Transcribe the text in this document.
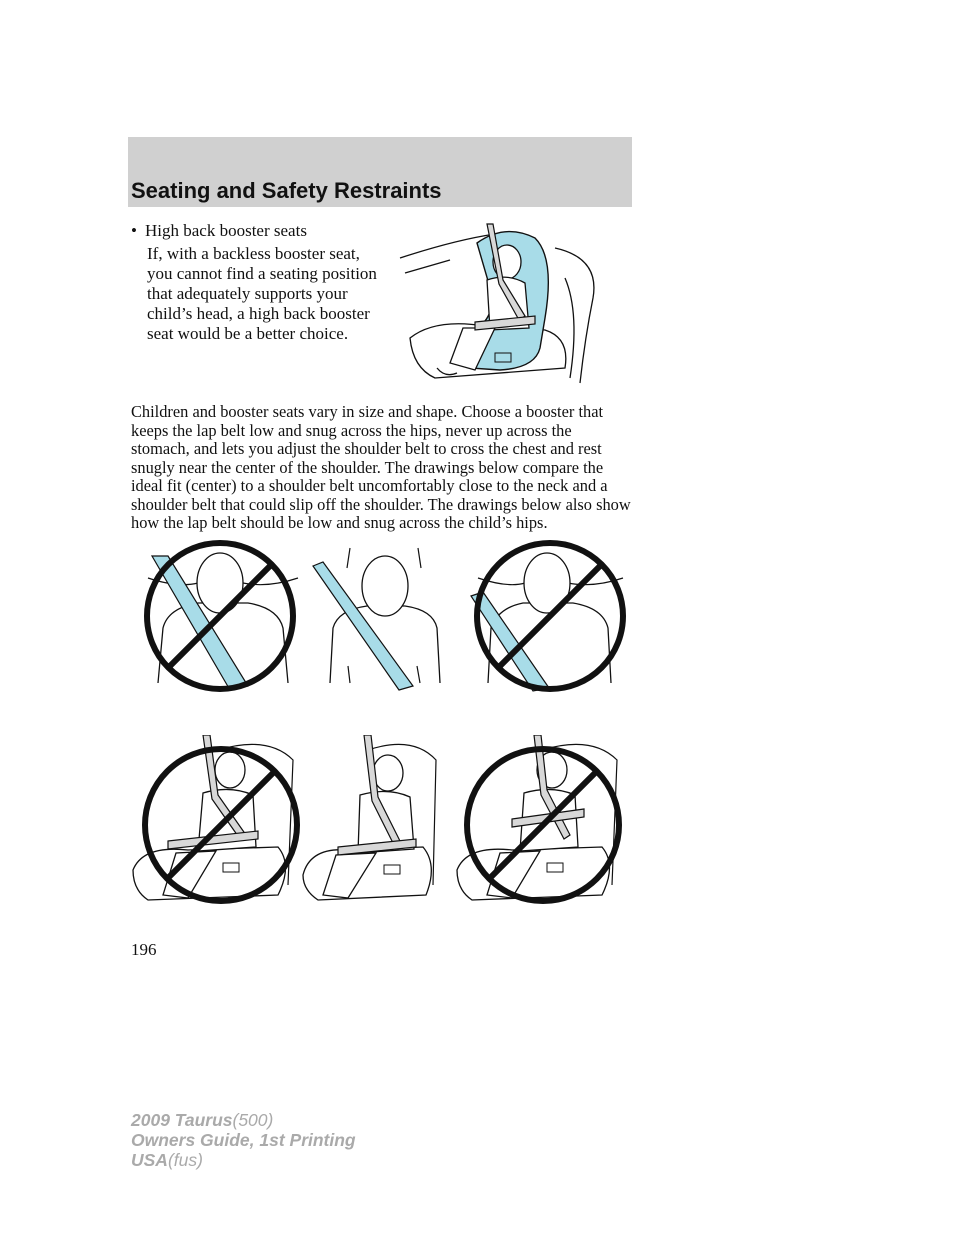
Seating and Safety Restraints
• High back booster seats
If, with a backless booster seat, you cannot find a seating position that adequately supports your child’s head, a high back booster seat would be a better choice.
Children and booster seats vary in size and shape. Choose a booster that keeps the lap belt low and snug across the hips, never up across the stomach, and lets you adjust the shoulder belt to cross the chest and rest snugly near the center of the shoulder. The drawings below compare the ideal fit (center) to a shoulder belt uncomfortably close to the neck and a shoulder belt that could slip off the shoulder. The drawings below also show how the lap belt should be low and snug across the child’s hips.
196
2009 Taurus(500)
Owners Guide, 1st Printing
USA(fus)
